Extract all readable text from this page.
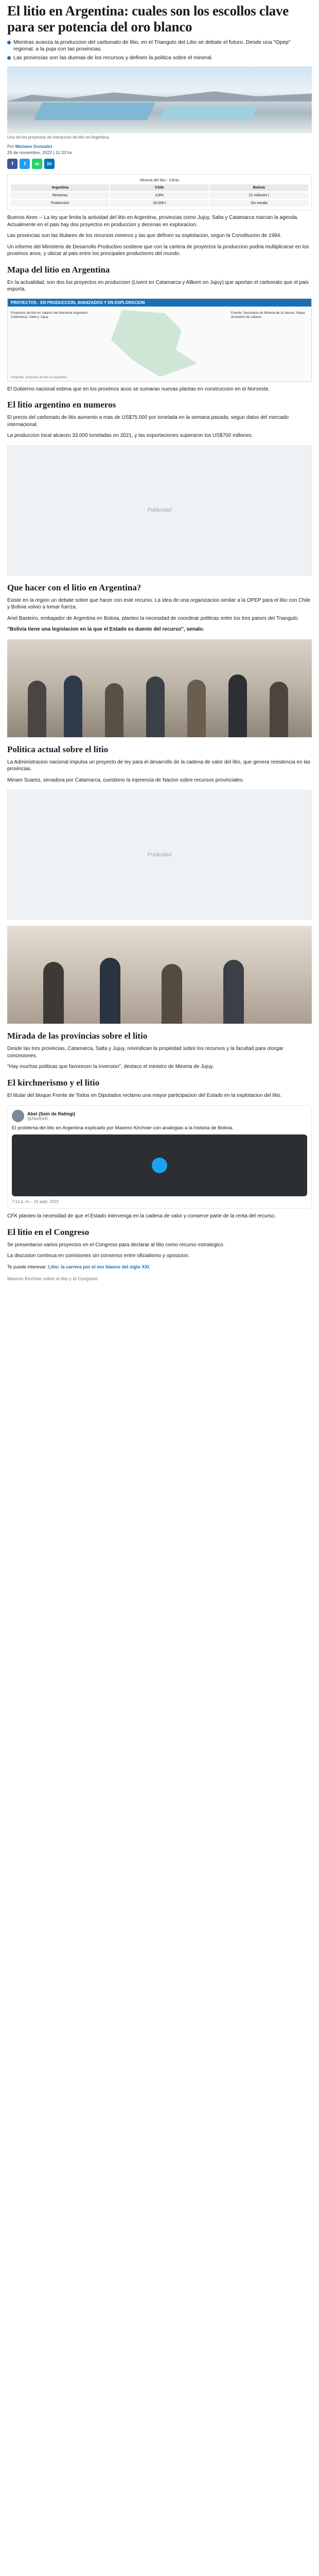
El litio en Argentina: cuales son los escollos clave para ser potencia del oro blanco
Mientras avanza la produccion del carbonato de litio, en el Triangulo del Litio se debate el futuro. Desde una "Opep" regional, a la puja con las provincias.
Las provincias son las duenas de los recursos y definen la politica sobre el mineral.
Uno de los proyectos de extraccion de litio en Argentina.
Por Mariano Gonzalez
29 de noviembre, 2022 | 11:33 hs
f	t	w	in
Mineria del litio - Cifras
Argentina	Chile	Bolivia
Reservas	9,8%	21 millones t
Produccion	33.000 t	Sin escala

Buenos Aires -- La ley que limita la actividad del litio en Argentina, provincias como Jujuy, Salta y Catamarca marcan la agenda. Actualmente en el pais hay dos proyectos en produccion y decenas en exploracion.

Las provincias son las titulares de los recursos mineros y las que definen su explotacion, segun la Constitucion de 1994.

Un informe del Ministerio de Desarrollo Productivo sostiene que con la cartera de proyectos la produccion podria multiplicarse en los proximos anos, y ubicar al pais entre los principales productores del mundo.

Mapa del litio en Argentina

En la actualidad, son dos los proyectos en produccion (Livent en Catamarca y Allkem en Jujuy) que aportan el carbonato que el pais exporta.

PROYECTOS - EN PRODUCCION, AVANZADOS Y EN EXPLORACION
Proyectos de litio en salares del Noroeste argentino: Catamarca, Salta y Jujuy.
Fuente: Secretaria de Mineria de la Nacion. Mapa ilustrativo de salares.
Infografia: proyectos de litio en Argentina.

El Gobierno nacional estima que en los proximos anos se sumaran nuevas plantas en construccion en el Noroeste.

El litio argentino en numeros

El precio del carbonato de litio aumento a mas de US$75.000 por tonelada en la semana pasada, segun datos del mercado internacional.

La produccion local alcanzo 33.000 toneladas en 2021, y las exportaciones superaron los US$700 millones.

Publicidad
Que hacer con el litio en Argentina?

Existe en la region un debate sobre que hacer con este recurso. La idea de una organizacion similar a la OPEP para el litio con Chile y Bolivia volvio a tomar fuerza.

Ariel Basteiro, embajador de Argentina en Bolivia, planteo la necesidad de coordinar politicas entre los tres paises del Triangulo.

"Bolivia tiene una legislacion en la que el Estado es duenio del recurso", senalo.

Politica actual sobre el litio

La Administracion nacional impulsa un proyecto de ley para el desarrollo de la cadena de valor del litio, que genera resistencia en las provincias.

Miriam Suarez, senadora por Catamarca, cuestiono la injerencia de Nacion sobre recursos provinciales.

Publicidad
Mirada de las provincias sobre el litio

Desde las tres provincias, Catamarca, Salta y Jujuy, reivindican la propiedad sobre los recursos y la facultad para otorgar concesiones.

"Hay muchas politicas que favorecen la inversion", destaco el ministro de Mineria de Jujuy.

El kirchnerismo y el litio

El titular del bloque Frente de Todos en Diputados reclamo una mayor participacion del Estado en la explotacion del litio.

Abel (Sein de Ratingi)
@AbelDeR
El problema del litio en Argentina explicado por Maximo Kirchner con analogias a la historia de Bolivia.
7:12 p. m. - 22 sept. 2022

CFK planteo la necesidad de que el Estado intervenga en la cadena de valor y conserve parte de la renta del recurso.

El litio en el Congreso

Se presentaron varios proyectos en el Congreso para declarar al litio como recurso estrategico.

La discusion continua en comisiones sin consenso entre oficialismo y oposicion.

Te puede interesar: Litio: la carrera por el oro blanco del siglo XXI
Maximo Kirchner sobre el litio y el Congreso
